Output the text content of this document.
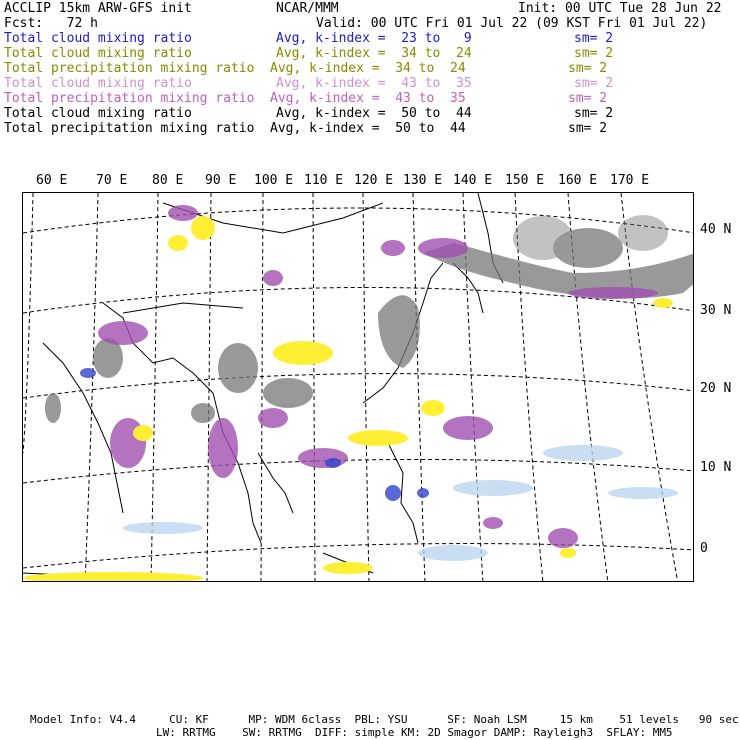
ACCLIP 15km ARW-GFS init	NCAR/MMM	Init: 00 UTC Tue 28 Jun 22
Fcst:   72 h	Valid: 00 UTC Fri 01 Jul 22 (09 KST Fri 01 Jul 22)
Total cloud mixing ratio	Avg, k-index =  23 to   9	sm= 2
Total cloud mixing ratio	Avg, k-index =  34 to  24	sm= 2
Total precipitation mixing ratio Avg, k-index =  34 to  24	sm= 2
Total cloud mixing ratio	Avg, k-index =  43 to  35	sm= 2
Total precipitation mixing ratio Avg, k-index =  43 to  35	sm= 2
Total cloud mixing ratio	Avg, k-index =  50 to  44	sm= 2
Total precipitation mixing ratio Avg, k-index =  50 to  44	sm= 2
60 E 70 E 80 E 90 E 100 E 110 E 120 E 130 E 140 E 150 E 160 E 170 E
40 N
30 N
20 N
10 N
0
Model Info: V4.4     CU: KF      MP: WDM 6class  PBL: YSU      SF: Noah LSM     15 km    51 levels   90 sec
LW: RRTMG    SW: RRTMG  DIFF: simple KM: 2D Smagor DAMP: Rayleigh3  SFLAY: MM5
